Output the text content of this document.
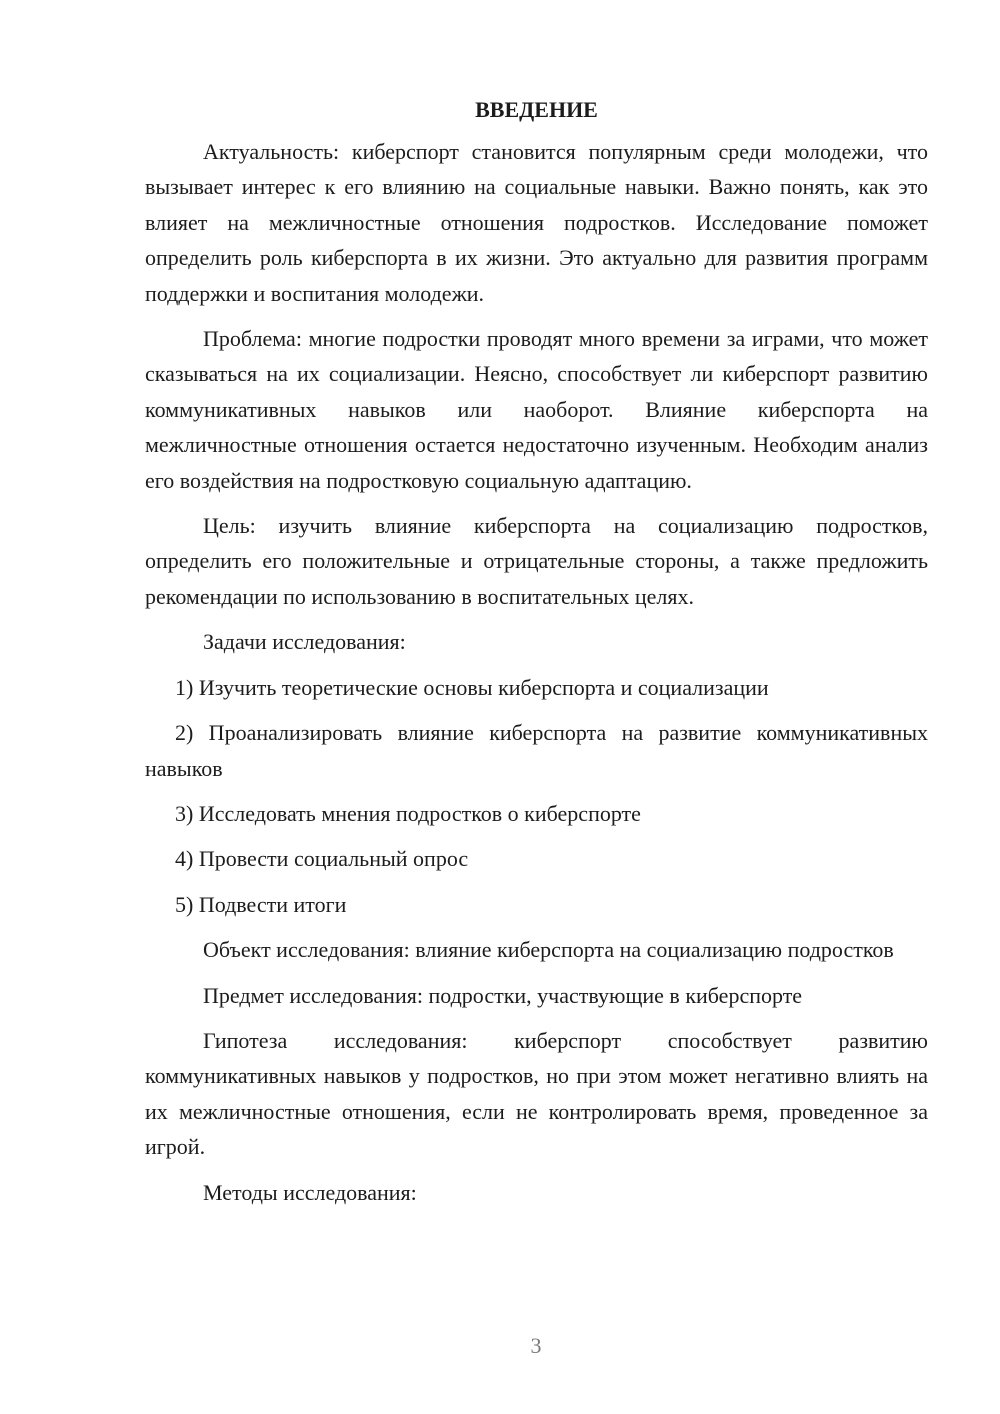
ВВЕДЕНИЕ

Актуальность: киберспорт становится популярным среди молодежи, что вызывает интерес к его влиянию на социальные навыки. Важно понять, как это влияет на межличностные отношения подростков. Исследование поможет определить роль киберспорта в их жизни. Это актуально для развития программ поддержки и воспитания молодежи.

Проблема: многие подростки проводят много времени за играми, что может сказываться на их социализации. Неясно, способствует ли киберспорт развитию коммуникативных навыков или наоборот. Влияние киберспорта на межличностные отношения остается недостаточно изученным. Необходим анализ его воздействия на подростковую социальную адаптацию.

Цель: изучить влияние киберспорта на социализацию подростков, определить его положительные и отрицательные стороны, а также предложить рекомендации по использованию в воспитательных целях.

Задачи исследования:

1) Изучить теоретические основы киберспорта и социализации

2) Проанализировать влияние киберспорта на развитие коммуникативных навыков

3) Исследовать мнения подростков о киберспорте

4) Провести социальный опрос

5) Подвести итоги

Объект исследования: влияние киберспорта на социализацию подростков

Предмет исследования: подростки, участвующие в киберспорте

Гипотеза исследования: киберспорт способствует развитию коммуникативных навыков у подростков, но при этом может негативно влиять на их межличностные отношения, если не контролировать время, проведенное за игрой.

Методы исследования:

3
